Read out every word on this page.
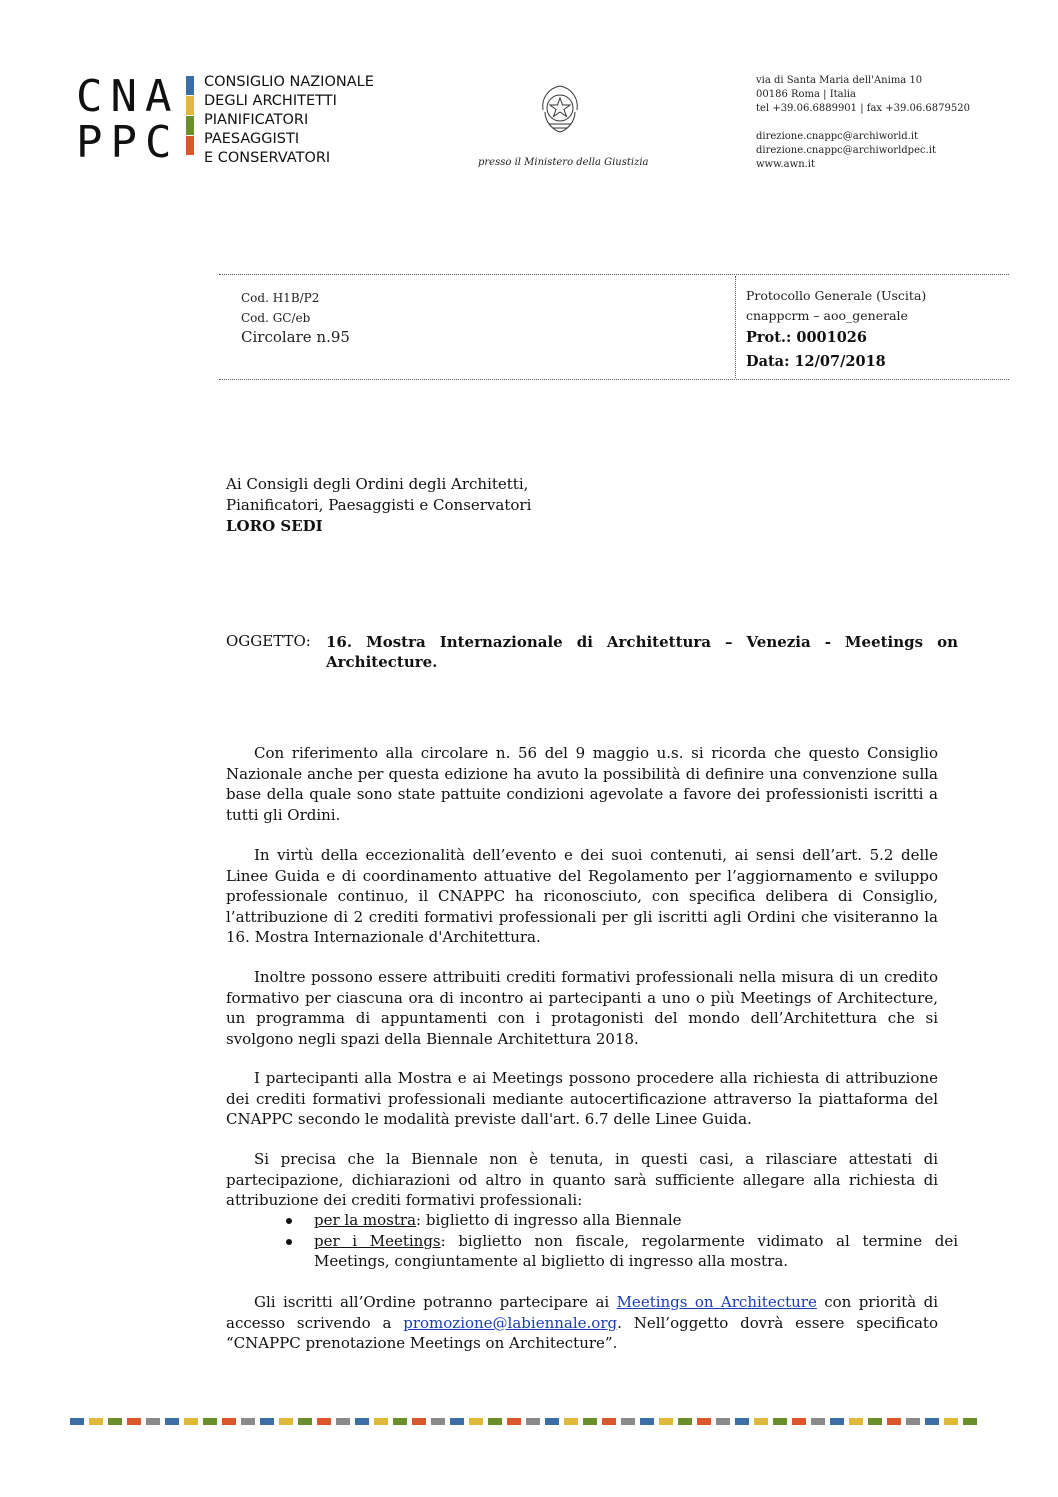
CNA
PPC
CONSIGLIO NAZIONALE
DEGLI ARCHITETTI
PIANIFICATORI
PAESAGGISTI
E CONSERVATORI	presso il Ministero della Giustizia
via di Santa Maria dell'Anima 10
00186 Roma | Italia
tel +39.06.6889901 | fax +39.06.6879520
direzione.cnappc@archiworld.it
direzione.cnappc@archiworldpec.it
www.awn.it
Cod. H1B/P2
Cod. GC/eb
Circolare n.95
Protocollo Generale (Uscita)
cnappcrm – aoo_generale
Prot.: 0001026
Data: 12/07/2018
Ai Consigli degli Ordini degli Architetti,
Pianificatori, Paesaggisti e Conservatori
LORO SEDI
OGGETTO: 16. Mostra Internazionale di Architettura – Venezia - Meetings on
Architecture.
Con riferimento alla circolare n. 56 del 9 maggio u.s. si ricorda che questo Consiglio Nazionale anche per questa edizione ha avuto la possibilità di definire una convenzione sulla base della quale sono state pattuite condizioni agevolate a favore dei professionisti iscritti a tutti gli Ordini.
In virtù della eccezionalità dell’evento e dei suoi contenuti, ai sensi dell’art. 5.2 delle Linee Guida e di coordinamento attuative del Regolamento per l’aggiornamento e sviluppo professionale continuo, il CNAPPC ha riconosciuto, con specifica delibera di Consiglio, l’attribuzione di 2 crediti formativi professionali per gli iscritti agli Ordini che visiteranno la 16. Mostra Internazionale d'Architettura.
Inoltre possono essere attribuiti crediti formativi professionali nella misura di un credito formativo per ciascuna ora di incontro ai partecipanti a uno o più Meetings of Architecture, un programma di appuntamenti con i protagonisti del mondo dell’Architettura che si svolgono negli spazi della Biennale Architettura 2018.
I partecipanti alla Mostra e ai Meetings possono procedere alla richiesta di attribuzione dei crediti formativi professionali mediante autocertificazione attraverso la piattaforma del CNAPPC secondo le modalità previste dall'art. 6.7 delle Linee Guida.
Si precisa che la Biennale non è tenuta, in questi casi, a rilasciare attestati di partecipazione, dichiarazioni od altro in quanto sarà sufficiente allegare alla richiesta di attribuzione dei crediti formativi professionali:
per la mostra: biglietto di ingresso alla Biennale
per i Meetings: biglietto non fiscale, regolarmente vidimato al termine dei Meetings, congiuntamente al biglietto di ingresso alla mostra.
Gli iscritti all’Ordine potranno partecipare ai Meetings on Architecture con priorità di accesso scrivendo a promozione@labiennale.org. Nell’oggetto dovrà essere specificato “CNAPPC prenotazione Meetings on Architecture”.
